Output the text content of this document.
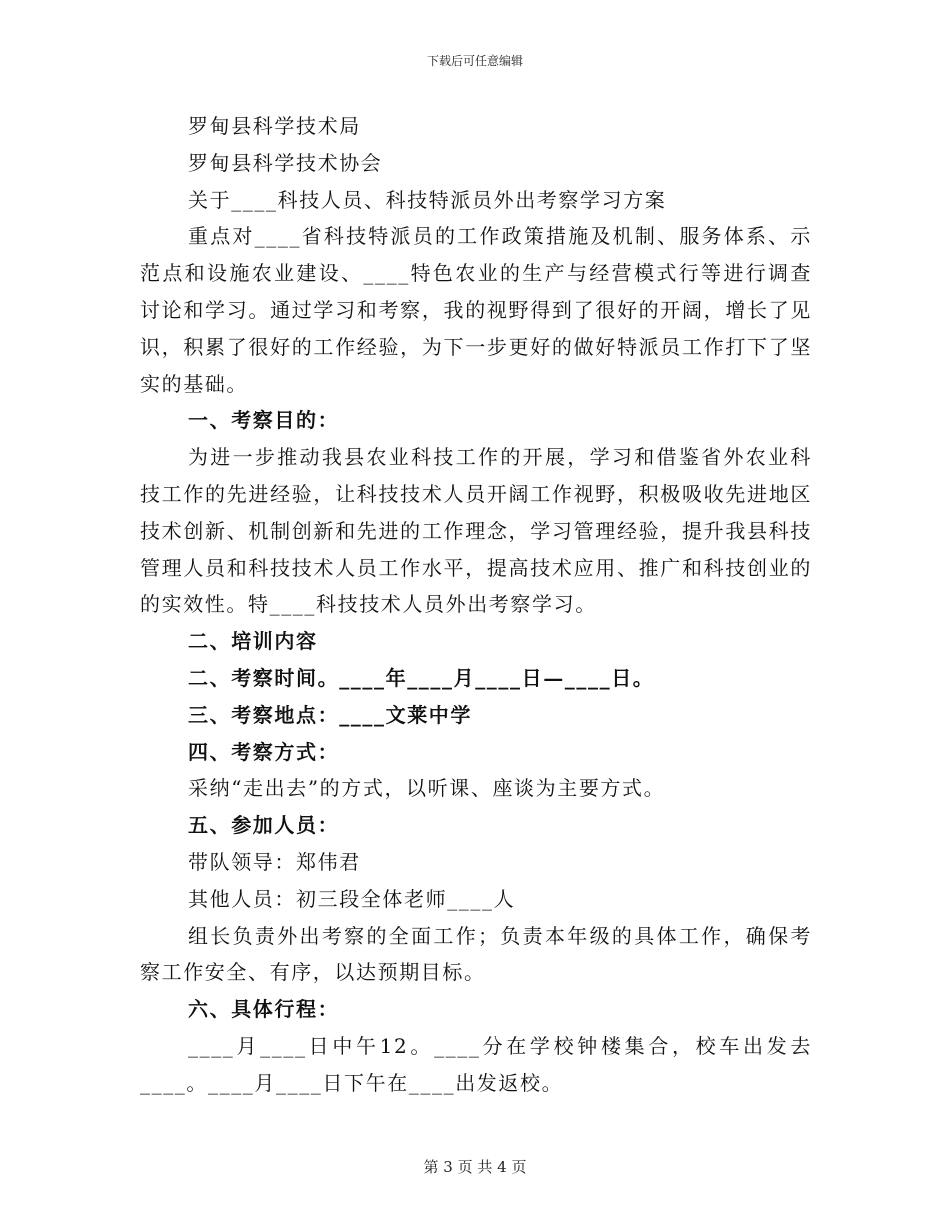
下载后可任意编辑

罗甸县科学技术局

罗甸县科学技术协会

关于____科技人员、科技特派员外出考察学习方案

重点对____省科技特派员的工作政策措施及机制、服务体系、示范点和设施农业建设、____特色农业的生产与经营模式行等进行调查讨论和学习。通过学习和考察，我的视野得到了很好的开阔，增长了见识，积累了很好的工作经验，为下一步更好的做好特派员工作打下了坚实的基础。

一、考察目的：

为进一步推动我县农业科技工作的开展，学习和借鉴省外农业科技工作的先进经验，让科技技术人员开阔工作视野，积极吸收先进地区技术创新、机制创新和先进的工作理念，学习管理经验，提升我县科技管理人员和科技技术人员工作水平，提高技术应用、推广和科技创业的的实效性。特____科技技术人员外出考察学习。

二、培训内容

二、考察时间。____年____月____日—____日。

三、考察地点：____文莱中学

四、考察方式：

采纳“走出去”的方式，以听课、座谈为主要方式。

五、参加人员：

带队领导：郑伟君

其他人员：初三段全体老师____人

组长负责外出考察的全面工作；负责本年级的具体工作，确保考察工作安全、有序，以达预期目标。

六、具体行程：

____月____日中午12。____分在学校钟楼集合，校车出发去____。____月____日下午在____出发返校。

第 3 页 共 4 页
